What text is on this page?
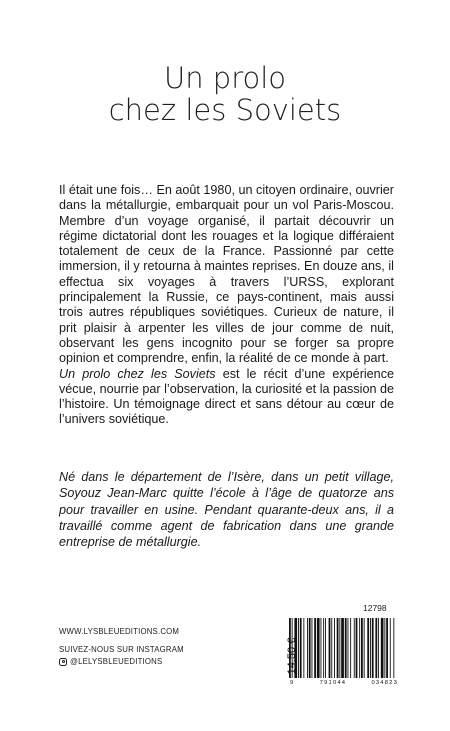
Un prolo
chez les Soviets

Il était une fois… En août 1980, un citoyen ordinaire, ouvrier dans la métallurgie, embarquait pour un vol Paris-Moscou. Membre d’un voyage organisé, il partait découvrir un régime dictatorial dont les rouages et la logique différaient totalement de ceux de la France. Passionné par cette immersion, il y retourna à maintes reprises. En douze ans, il effectua six voyages à travers l’URSS, explorant principalement la Russie, ce pays-continent, mais aussi trois autres républiques soviétiques. Curieux de nature, il prit plaisir à arpenter les villes de jour comme de nuit, observant les gens incognito pour se forger sa propre opinion et comprendre, enfin, la réalité de ce monde à part.

Un prolo chez les Soviets est le récit d’une expérience vécue, nourrie par l’observation, la curiosité et la passion de l’histoire. Un témoignage direct et sans détour au cœur de l’univers soviétique.

Né dans le département de l’Isère, dans un petit village, Soyouz Jean-Marc quitte l’école à l’âge de quatorze ans pour travailler en usine. Pendant quarante-deux ans, il a travaillé comme agent de fabrication dans une grande entreprise de métallurgie.

WWW.LYSBLEUEDITIONS.COM
SUIVEZ-NOUS SUR INSTAGRAM
@LELYSBLEUEDITIONS
12798
14,50 €
9	791044	034823
